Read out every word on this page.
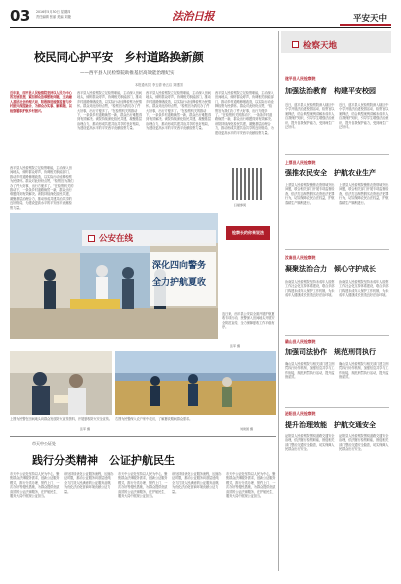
03 2016年5月30日 星期四
责任编辑 张丽 美编 刘婕	法治日报	平安天中
校民同心护平安　乡村道路换新颜
——西平县人民检察院助推基层高效能治理纪实
本报通讯员 李五德 徐五启 刘建国
近年来，西平县人民检察院坚持以人民为中心的发展思想，紧扣群众急难愁盼问题，主动融入基层社会治理大局，积极推进检察监督与乡村振兴深度融合，为群众办实事、解难题，以检察履职护航乡村振兴。
西平县人民检察院立足检察职能，主动深入田间地头，倾听群众呼声，协调相关职能部门，推动乡村道路修缮改造，以实际行动诠释检察为民情怀。群众对此纷纷点赞，“检察官为我们办了件大好事，出行方便多了。”在检察机关的推动下，一条条乡村道路焕然一新，群众出行难题得到有效解决。该院持续深化检民共建，凝聚基层治理合力，推动形成共建共治共享的良好格局，为建设更高水平的平安西平贡献检察力量。
西平县人民检察院立足检察职能，主动深入田间地头，倾听群众呼声，协调相关职能部门，推动乡村道路修缮改造，以实际行动诠释检察为民情怀。群众对此纷纷点赞，“检察官为我们办了件大好事，出行方便多了。”在检察机关的推动下，一条条乡村道路焕然一新，群众出行难题得到有效解决。该院持续深化检民共建，凝聚基层治理合力，推动形成共建共治共享的良好格局，为建设更高水平的平安西平贡献检察力量。
西平县人民检察院立足检察职能，主动深入田间地头，倾听群众呼声，协调相关职能部门，推动乡村道路修缮改造，以实际行动诠释检察为民情怀。群众对此纷纷点赞，“检察官为我们办了件大好事，出行方便多了。”在检察机关的推动下，一条条乡村道路焕然一新，群众出行难题得到有效解决。该院持续深化检民共建，凝聚基层治理合力，推动形成共建共治共享的良好格局，为建设更高水平的平安西平贡献检察力量。
西平县人民检察院立足检察职能，主动深入田间地头，倾听群众呼声，协调相关职能部门，推动乡村道路修缮改造，以实际行动诠释检察为民情怀。群众对此纷纷点赞，“检察官为我们办了件大好事，出行方便多了。”在检察机关的推动下，一条条乡村道路焕然一新，群众出行难题得到有效解决。该院持续深化检民共建，凝聚基层治理合力，推动形成共建共治共享的良好格局，为建设更高水平的平安西平贡献检察力量。
检察长约你来说法
扫描参阅
检察天地
遂平县人民检察院
加强法治教育　构建平安校园
近日，遂平县人民检察院深入辖区中小学开展法治进校园活动，检察官以案释法，结合典型案例讲解未成年人自我保护知识，引导学生增强法治意识，提升自我保护能力，受到师生广泛好评。
近日，遂平县人民检察院深入辖区中小学开展法治进校园活动，检察官以案释法，结合典型案例讲解未成年人自我保护知识，引导学生增强法治意识，提升自我保护能力，受到师生广泛好评。
上蔡县人民检察院
强推农民安全　护航农业生产
上蔡县人民检察院聚焦农资领域突出问题，联合相关部门开展专项监督检查，依法打击制售假劣农资违法犯罪行为，切实保障农民合法权益，护航春耕生产顺利进行。
上蔡县人民检察院聚焦农资领域突出问题，联合相关部门开展专项监督检查，依法打击制售假劣农资违法犯罪行为，切实保障农民合法权益，护航春耕生产顺利进行。
汝南县人民检察院
凝聚法治合力　倾心守护成长
汝南县人民检察院坚持未成年人检察工作社会化支持体系建设，联合多部门构建未成年人保护工作机制，为未成年人健康成长营造良好法治环境。
汝南县人民检察院坚持未成年人检察工作社会化支持体系建设，联合多部门构建未成年人保护工作机制，为未成年人健康成长营造良好法治环境。
确山县人民检察院
加强司法协作　规范刑罚执行
确山县人民检察院与相关部门建立刑罚执行协作机制，加强信息共享与工作衔接，规范刑罚执行活动，提升监督质效。
确山县人民检察院与相关部门建立刑罚执行协作机制，加强信息共享与工作衔接，规范刑罚执行活动，提升监督质效。
泌阳县人民检察院
提升治理效能　护航交通安全
泌阳县人民检察院围绕道路交通安全治理，依法履行检察职能，督促相关部门整治交通安全隐患，切实保障人民群众出行安全。
泌阳县人民检察院围绕道路交通安全治理，依法履行检察职能，督促相关部门整治交通安全隐患，切实保障人民群众出行安全。
公安在线
深化四向警务
全力护航夏收
连日来，西平县公安局全面开展护航夏收专项行动，民警深入田间地头开展安全防范宣传，全力保障夏收工作平稳有序。
张军 摄
上图为民警在田间地头向群众发放防火宣传资料，开展夏收防火安全宣传。
张军 摄
右图为民警深入农户家中走访，了解夏收期间群众需求。
刘建国 摄
市天中公证处
践行分类精神　公证护航民生
市天中公证处坚持以人民为中心，聚焦群众法律服务需求，创新公证服务模式，推行分类办理、预约上门、一次办好等便民措施，为群众提供优质高效的公证法律服务，在护航民生、服务大局中展现公证担当。
该处持续优化公证服务流程，压缩办证时限，推动公证服务向基层延伸，全力打造人民满意的公证服务品牌，为优化法治化营商环境贡献公证力量。
市天中公证处坚持以人民为中心，聚焦群众法律服务需求，创新公证服务模式，推行分类办理、预约上门、一次办好等便民措施，为群众提供优质高效的公证法律服务，在护航民生、服务大局中展现公证担当。
该处持续优化公证服务流程，压缩办证时限，推动公证服务向基层延伸，全力打造人民满意的公证服务品牌，为优化法治化营商环境贡献公证力量。
市天中公证处坚持以人民为中心，聚焦群众法律服务需求，创新公证服务模式，推行分类办理、预约上门、一次办好等便民措施，为群众提供优质高效的公证法律服务，在护航民生、服务大局中展现公证担当。
